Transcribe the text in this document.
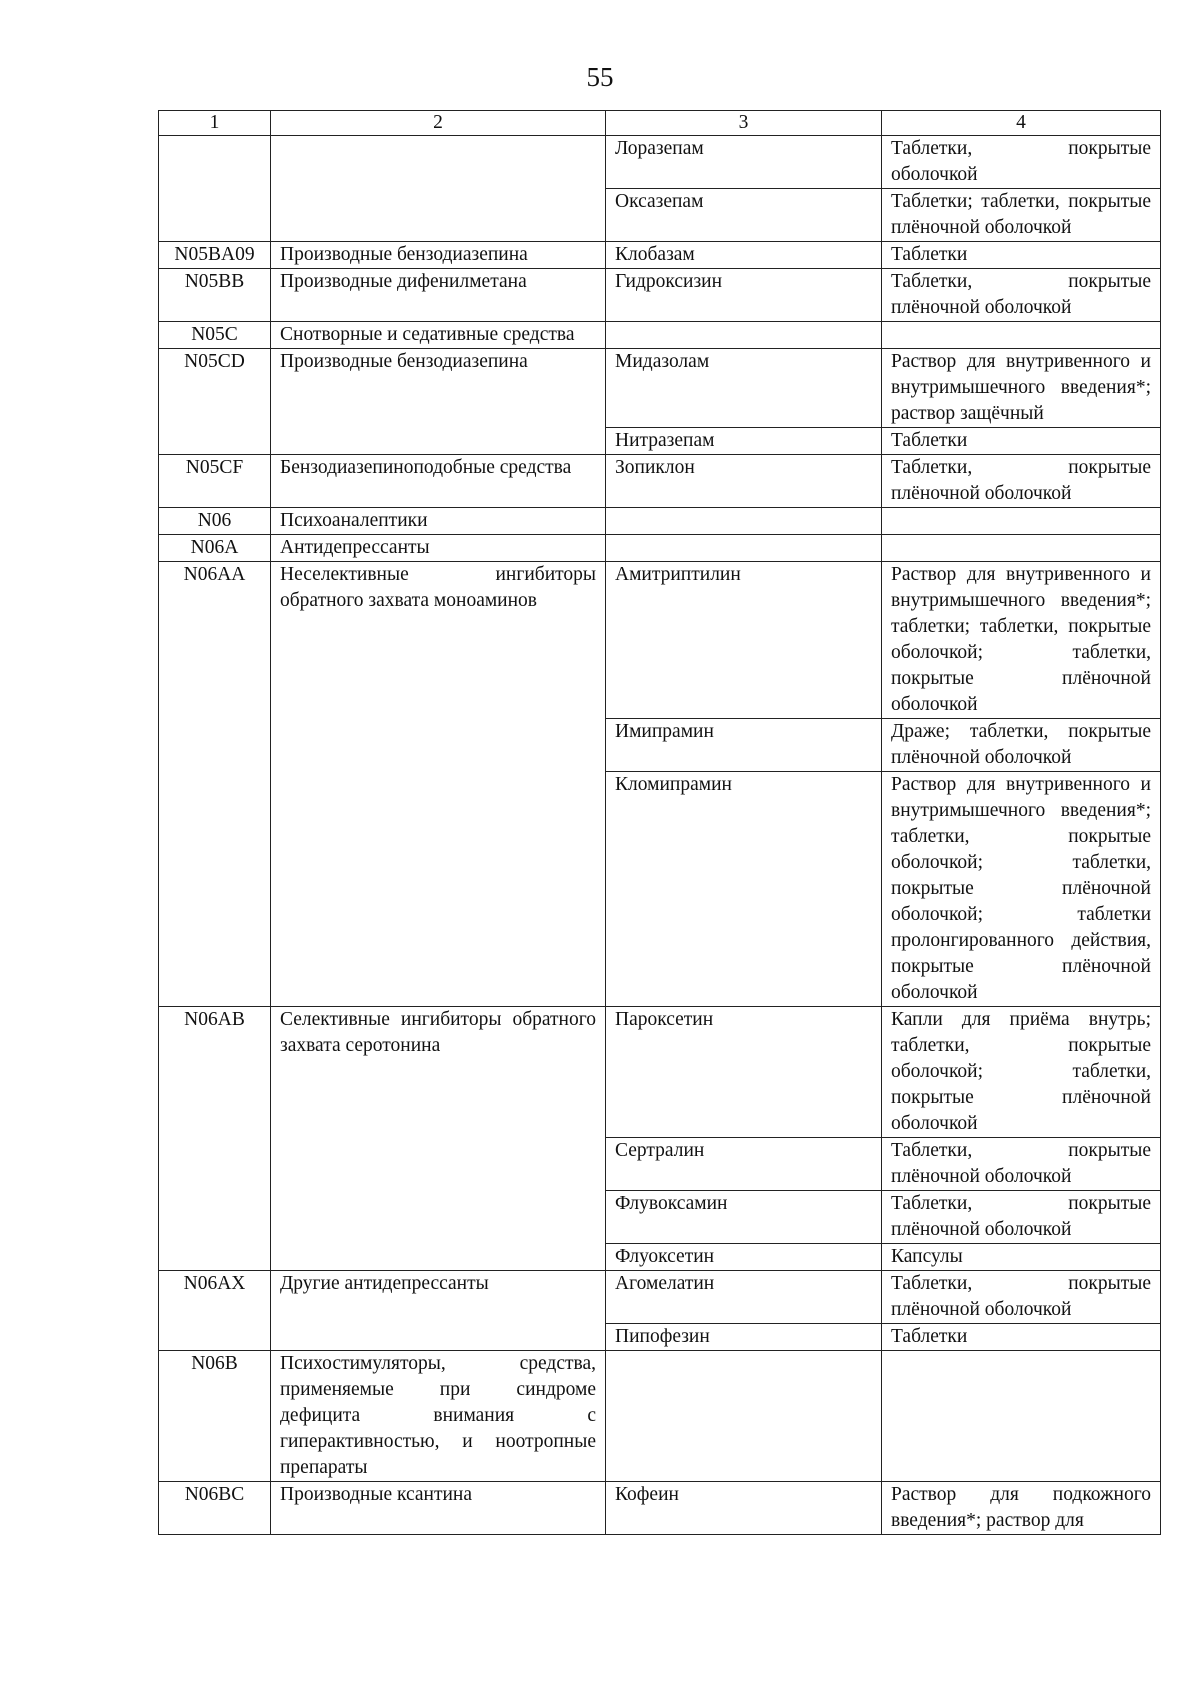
55
1	2	3	4
		Лоразепам	Таблетки, покрытые оболочкой
		Оксазепам	Таблетки; таблетки, покрытые плёночной оболочкой
N05BA09	Производные бензодиазепина	Клобазам	Таблетки
N05BB	Производные дифенилметана	Гидроксизин	Таблетки, покрытые плёночной оболочкой
N05C	Снотворные и седативные средства		
N05CD	Производные бензодиазепина	Мидазолам	Раствор для внутривенного и внутримышечного введения*; раствор защёчный
		Нитразепам	Таблетки
N05CF	Бензодиазепиноподобные средства	Зопиклон	Таблетки, покрытые плёночной оболочкой
N06	Психоаналептики		
N06A	Антидепрессанты		
N06AA	Неселективные ингибиторы обратного захвата моноаминов	Амитриптилин	Раствор для внутривенного и внутримышечного введения*; таблетки; таблетки, покрытые оболочкой; таблетки, покрытые плёночной оболочкой
		Имипрамин	Драже; таблетки, покрытые плёночной оболочкой
		Кломипрамин	Раствор для внутривенного и внутримышечного введения*; таблетки, покрытые оболочкой; таблетки, покрытые плёночной оболочкой; таблетки пролонгированного действия, покрытые плёночной оболочкой
N06AB	Селективные ингибиторы обратного захвата серотонина	Пароксетин	Капли для приёма внутрь; таблетки, покрытые оболочкой; таблетки, покрытые плёночной оболочкой
		Сертралин	Таблетки, покрытые плёночной оболочкой
		Флувоксамин	Таблетки, покрытые плёночной оболочкой
		Флуоксетин	Капсулы
N06AX	Другие антидепрессанты	Агомелатин	Таблетки, покрытые плёночной оболочкой
		Пипофезин	Таблетки
N06B	Психостимуляторы, средства, применяемые при синдроме дефицита внимания с гиперактивностью, и ноотропные препараты		
N06BC	Производные ксантина	Кофеин	Раствор для подкожного введения*; раствор для
